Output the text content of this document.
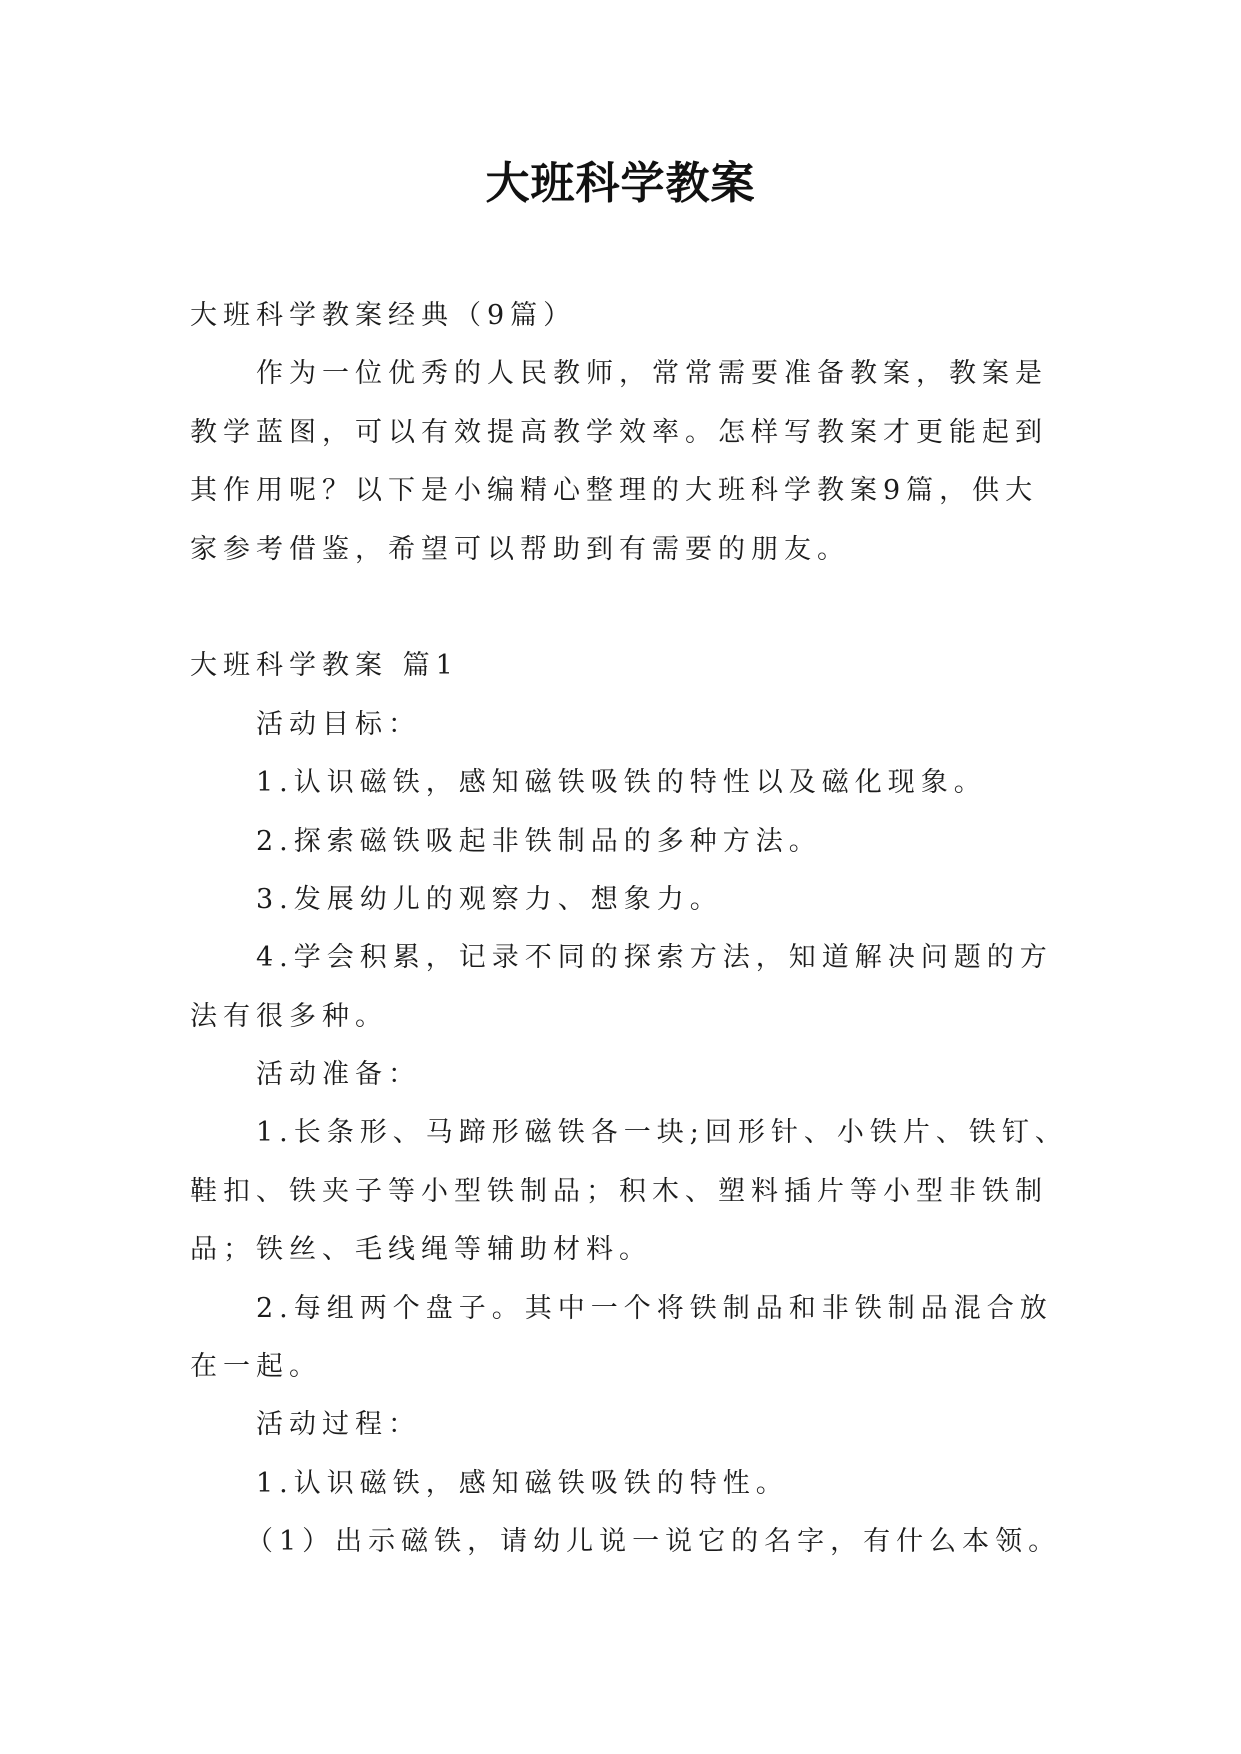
大班科学教案
大班科学教案经典（9篇）
作为一位优秀的人民教师，常常需要准备教案，教案是
教学蓝图，可以有效提高教学效率。怎样写教案才更能起到
其作用呢？以下是小编精心整理的大班科学教案9篇，供大
家参考借鉴，希望可以帮助到有需要的朋友。
大班科学教案 篇1
活动目标：
1.认识磁铁，感知磁铁吸铁的特性以及磁化现象。
2.探索磁铁吸起非铁制品的多种方法。
3.发展幼儿的观察力、想象力。
4.学会积累，记录不同的探索方法，知道解决问题的方
法有很多种。
活动准备：
1.长条形、马蹄形磁铁各一块;回形针、小铁片、铁钉、
鞋扣、铁夹子等小型铁制品；积木、塑料插片等小型非铁制
品；铁丝、毛线绳等辅助材料。
2.每组两个盘子。其中一个将铁制品和非铁制品混合放
在一起。
活动过程：
1.认识磁铁，感知磁铁吸铁的特性。
（1）出示磁铁，请幼儿说一说它的名字，有什么本领。
